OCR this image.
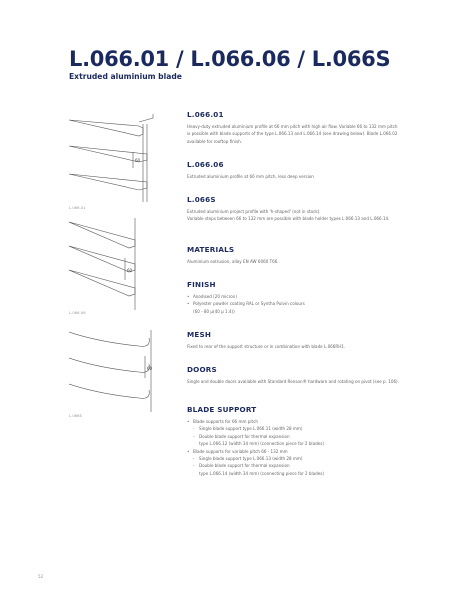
L.066.01 / L.066.06 / L.066S
Extruded aluminium blade
60
L.066.01
60
L.066.06
60
L.066S
L.066.01

Heavy-duty extruded aluminium profile at 66 mm pitch with high air flow. Variable 66 to 132 mm pitch is possible with blade supports of the type L.066.13 and L.066.14 (see drawing below). Blade L.066.02 available for rooftop finish.

L.066.06

Extruded aluminium profile at 66 mm pitch, less deep version

L.066S

Extruded aluminium project profile with 'h-shaped' (not in stock).

Variable steps between 66 to 132 mm are possible with blade holder types L.066.13 and L.066.14.

MATERIALS

Aluminium extrusion, alloy EN AW 6060 T66.

FINISH
• Anodised (20 micron)
• Polyester powder coating RAL or Syntha Pulvin colours
(60 - 80 µ(40 µ 1.4))
MESH

Fixed to rear of the support structure or in combination with blade L.066RH1.

DOORS

Single and double doors available with Standard Renson® hardware and rotating on pivot (see p. 106).

BLADE SUPPORT
• Blade supports for 66 mm pitch
- Single blade support type L.066.11 (width 28 mm)
- Double blade support for thermal expansion
type L.066.12 (width 34 mm) (connection piece for 2 blades)
• Blade supports for variable pitch 66 - 132 mm
- Single blade support type L.066.13 (width 28 mm)
- Double blade support for thermal expansion
type L.066.14 (width 34 mm) (connecting piece for 2 blades)
52
